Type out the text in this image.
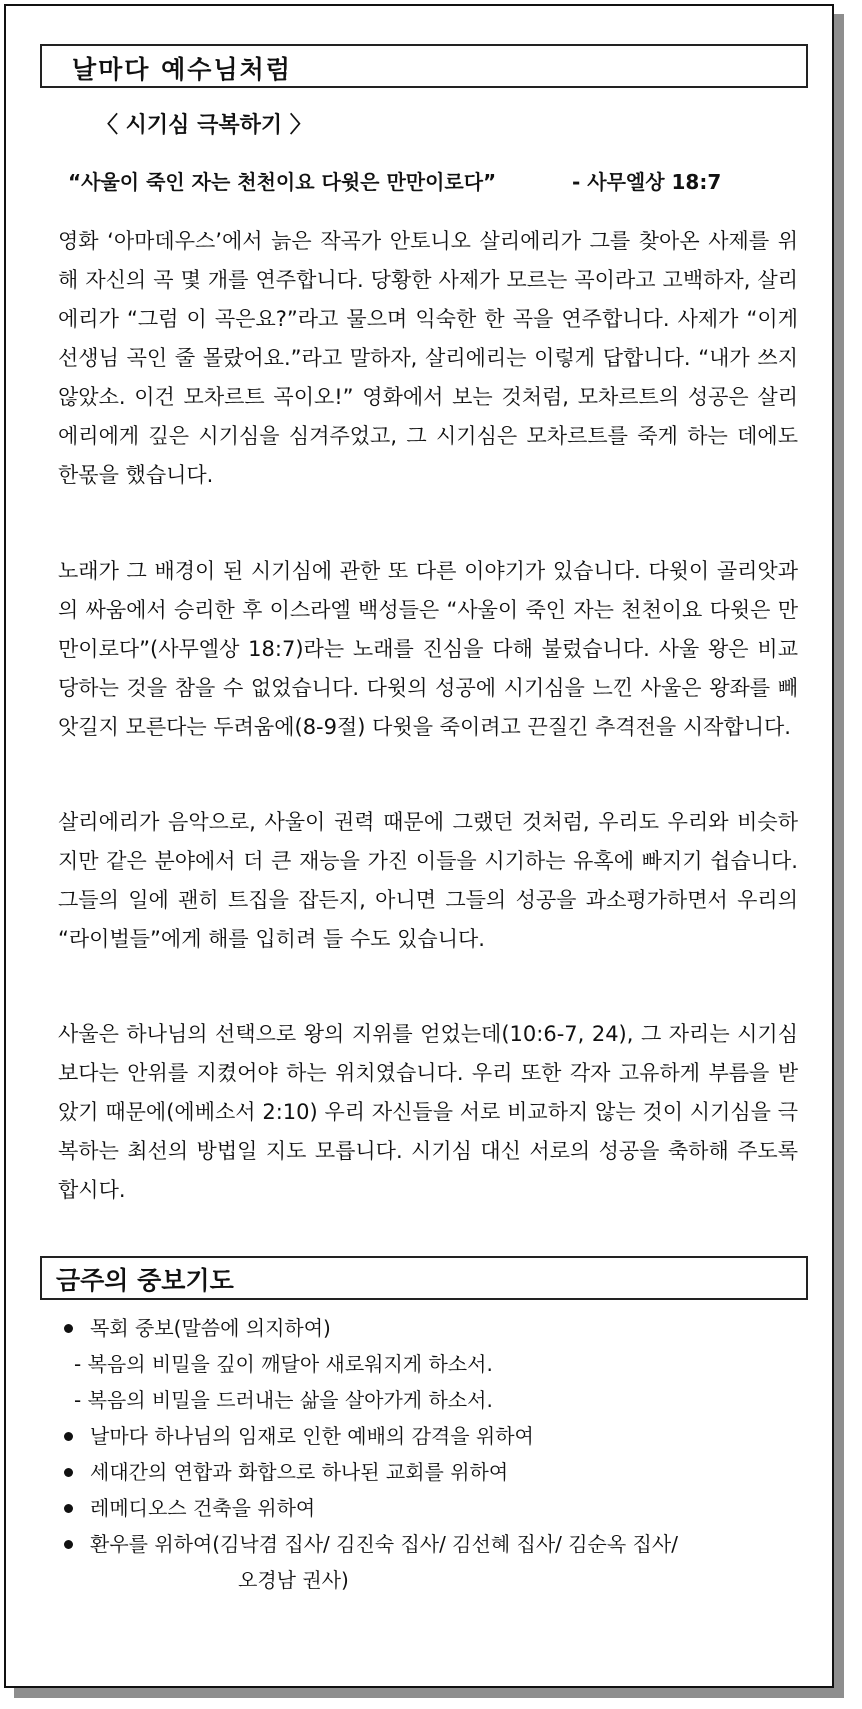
날마다 예수님처럼
〈 시기심 극복하기 〉
“사울이 죽인 자는 천천이요 다윗은 만만이로다”	- 사무엘상 18:7

영화 ‘아마데우스’에서 늙은 작곡가 안토니오 살리에리가 그를 찾아온 사제를 위해 자신의 곡 몇 개를 연주합니다. 당황한 사제가 모르는 곡이라고 고백하자, 살리에리가 “그럼 이 곡은요?”라고 물으며 익숙한 한 곡을 연주합니다. 사제가 “이게 선생님 곡인 줄 몰랐어요.”라고 말하자, 살리에리는 이렇게 답합니다. “내가 쓰지 않았소. 이건 모차르트 곡이오!” 영화에서 보는 것처럼, 모차르트의 성공은 살리에리에게 깊은 시기심을 심겨주었고, 그 시기심은 모차르트를 죽게 하는 데에도 한몫을 했습니다.

노래가 그 배경이 된 시기심에 관한 또 다른 이야기가 있습니다. 다윗이 골리앗과의 싸움에서 승리한 후 이스라엘 백성들은 “사울이 죽인 자는 천천이요 다윗은 만만이로다”(사무엘상 18:7)라는 노래를 진심을 다해 불렀습니다. 사울 왕은 비교당하는 것을 참을 수 없었습니다. 다윗의 성공에 시기심을 느낀 사울은 왕좌를 빼앗길지 모른다는 두려움에(8-9절) 다윗을 죽이려고 끈질긴 추격전을 시작합니다.

살리에리가 음악으로, 사울이 권력 때문에 그랬던 것처럼, 우리도 우리와 비슷하지만 같은 분야에서 더 큰 재능을 가진 이들을 시기하는 유혹에 빠지기 쉽습니다. 그들의 일에 괜히 트집을 잡든지, 아니면 그들의 성공을 과소평가하면서 우리의 “라이벌들”에게 해를 입히려 들 수도 있습니다.

사울은 하나님의 선택으로 왕의 지위를 얻었는데(10:6-7, 24), 그 자리는 시기심보다는 안위를 지켰어야 하는 위치였습니다. 우리 또한 각자 고유하게 부름을 받았기 때문에(에베소서 2:10) 우리 자신들을 서로 비교하지 않는 것이 시기심을 극복하는 최선의 방법일 지도 모릅니다. 시기심 대신 서로의 성공을 축하해 주도록 합시다.

금주의 중보기도
목회 중보(말씀에 의지하여)
- 복음의 비밀을 깊이 깨달아 새로워지게 하소서.
- 복음의 비밀을 드러내는 삶을 살아가게 하소서.
날마다 하나님의 임재로 인한 예배의 감격을 위하여
세대간의 연합과 화합으로 하나된 교회를 위하여
레메디오스 건축을 위하여
환우를 위하여(김낙겸 집사/ 김진숙 집사/ 김선혜 집사/ 김순옥 집사/
오경남 권사)
